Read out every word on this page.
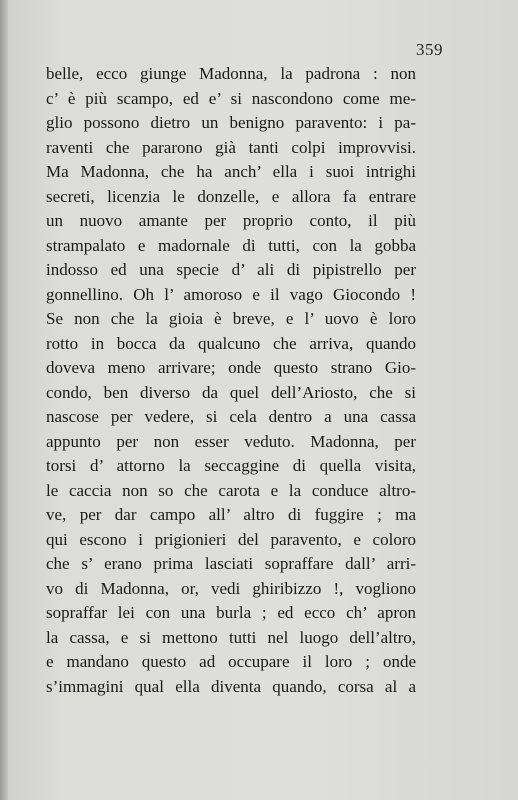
359
belle, ecco giunge Madonna, la padrona : non
c’ è più scampo, ed e’ si nascondono come me-
glio possono dietro un benigno paravento: i pa-
raventi che pararono già tanti colpi improvvisi.
Ma Madonna, che ha anch’ ella i suoi intrighi
secreti, licenzia le donzelle, e allora fa entrare
un nuovo amante per proprio conto, il più
strampalato e madornale di tutti, con la gobba
indosso ed una specie d’ ali di pipistrello per
gonnellino. Oh l’ amoroso e il vago Giocondo !
Se non che la gioia è breve, e l’ uovo è loro
rotto in bocca da qualcuno che arriva, quando
doveva meno arrivare; onde questo strano Gio-
condo, ben diverso da quel dell’Ariosto, che si
nascose per vedere, si cela dentro a una cassa
appunto per non esser veduto. Madonna, per
torsi d’ attorno la seccaggine di quella visita,
le caccia non so che carota e la conduce altro-
ve, per dar campo all’ altro di fuggire ; ma
qui escono i prigionieri del paravento, e coloro
che s’ erano prima lasciati sopraffare dall’ arri-
vo di Madonna, or, vedi ghiribizzo !, vogliono
sopraffar lei con una burla ; ed ecco ch’ apron
la cassa, e si mettono tutti nel luogo dell’altro,
e mandano questo ad occupare il loro ; onde
s’immagini qual ella diventa quando, corsa al a
